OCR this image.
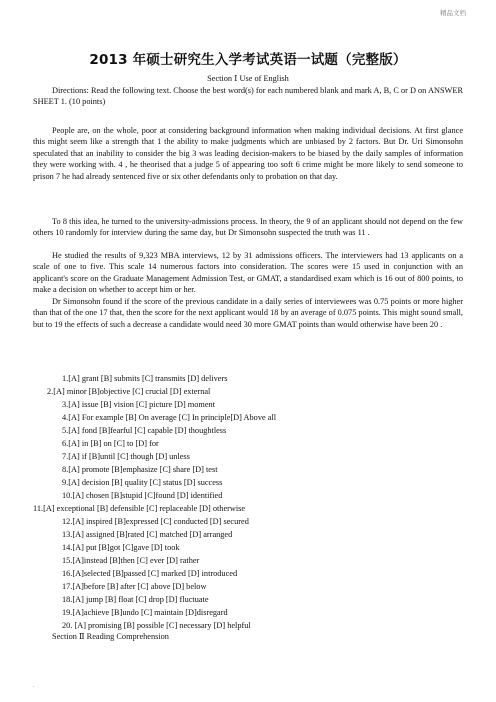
精品文档
2013 年硕士研究生入学考试英语一试题（完整版）
Section Ⅰ Use of English

Directions: Read the following text. Choose the best word(s) for each numbered blank and mark A, B, C or D on ANSWER SHEET 1. (10 points)

People are, on the whole, poor at considering background information when making individual decisions. At first glance this might seem like a strength that 1 the ability to make judgments which are unbiased by 2 factors. But Dr. Uri Simonsohn speculated that an inability to consider the big 3 was leading decision-makers to be biased by the daily samples of information they were working with. 4 , he theorised that a judge 5 of appearing too soft 6 crime might be more likely to send someone to prison 7 he had already sentenced five or six other defendants only to probation on that day.

To 8 this idea, he turned to the university-admissions process. In theory, the 9 of an applicant should not depend on the few others 10 randomly for interview during the same day, but Dr Simonsohn suspected the truth was 11 .

He studied the results of 9,323 MBA interviews, 12 by 31 admissions officers. The interviewers had 13 applicants on a scale of one to five. This scale 14 numerous factors into consideration. The scores were 15 used in conjunction with an applicant's score on the Graduate Management Admission Test, or GMAT, a standardised exam which is 16 out of 800 points, to make a decision on whether to accept him or her.

Dr Simonsohn found if the score of the previous candidate in a daily series of interviewees was 0.75 points or more higher than that of the one 17 that, then the score for the next applicant would 18 by an average of 0.075 points. This might sound small, but to 19 the effects of such a decrease a candidate would need 30 more GMAT points than would otherwise have been 20 .

1.[A] grant [B] submits [C] transmits [D] delivers
2.[A] minor [B]objective [C] crucial [D] external
3.[A] issue [B] vision [C] picture [D] moment
4.[A] For example [B] On average [C] In principle[D] Above all
5.[A] fond [B]fearful [C] capable [D] thoughtless
6.[A] in [B] on [C] to [D] for
7.[A] if [B]until [C] though [D] unless
8.[A] promote [B]emphasize [C] share [D] test
9.[A] decision [B] quality [C] status [D] success
10.[A] chosen [B]stupid [C]found [D] identified
11.[A] exceptional [B] defensible [C] replaceable [D] otherwise
12.[A] inspired [B]expressed [C] conducted [D] secured
13.[A] assigned [B]rated [C] matched [D] arranged
14.[A] put [B]got [C]gave [D] took
15.[A]instead [B]then [C] ever [D] rather
16.[A]selected [B]passed [C] marked [D] introduced
17.[A]before [B] after [C] above [D] below
18.[A] jump [B] float [C] drop [D] fluctuate
19.[A]achieve [B]undo [C] maintain [D]disregard
20. [A] promising [B] possible [C] necessary [D] helpful
Section Ⅱ Reading Comprehension
.
